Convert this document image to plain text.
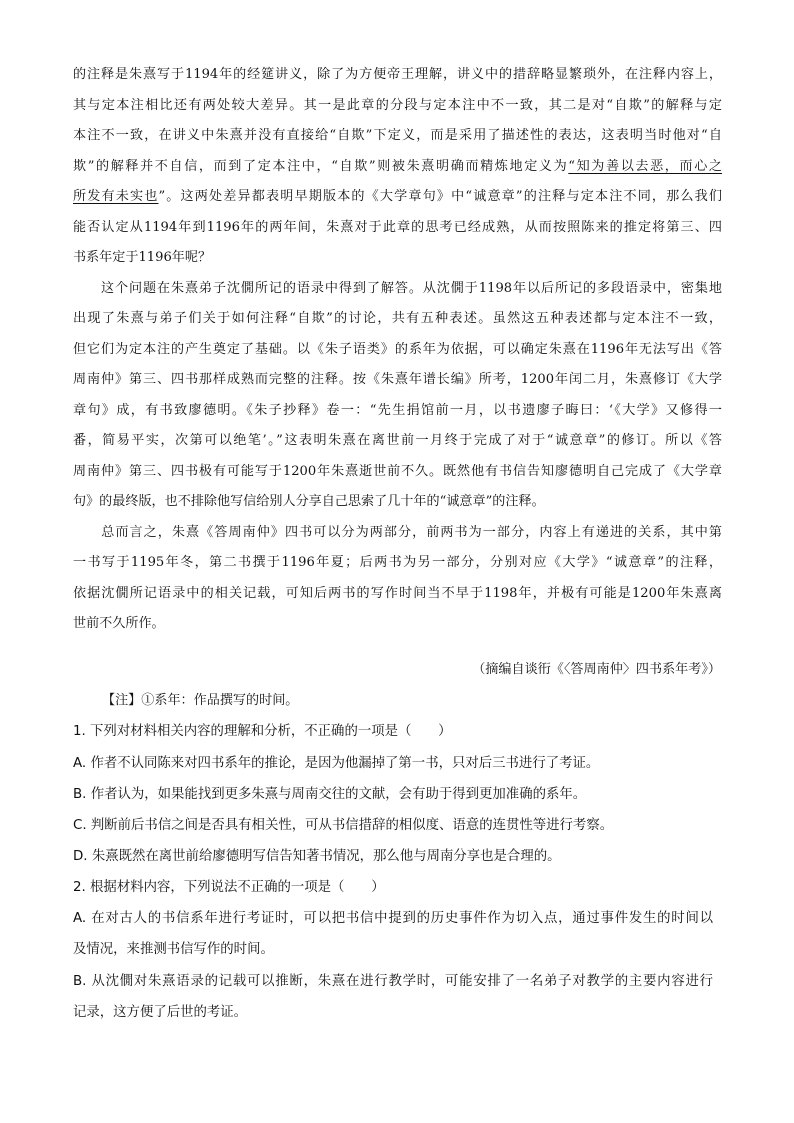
的注释是朱熹写于1194年的经筵讲义，除了为方便帝王理解，讲义中的措辞略显繁琐外，在注释内容上，

其与定本注相比还有两处较大差异。其一是此章的分段与定本注中不一致，其二是对“自欺”的解释与定

本注不一致，在讲义中朱熹并没有直接给“自欺”下定义，而是采用了描述性的表达，这表明当时他对“自

欺”的解释并不自信，而到了定本注中，“自欺”则被朱熹明确而精炼地定义为“知为善以去恶，而心之

所发有未实也”。这两处差异都表明早期版本的《大学章句》中“诚意章”的注释与定本注不同，那么我们

能否认定从1194年到1196年的两年间，朱熹对于此章的思考已经成熟，从而按照陈来的推定将第三、四

书系年定于1196年呢？

　　这个问题在朱熹弟子沈僩所记的语录中得到了解答。从沈僩于1198年以后所记的多段语录中，密集地

出现了朱熹与弟子们关于如何注释“自欺”的讨论，共有五种表述。虽然这五种表述都与定本注不一致，

但它们为定本注的产生奠定了基础。以《朱子语类》的系年为依据，可以确定朱熹在1196年无法写出《答

周南仲》第三、四书那样成熟而完整的注释。按《朱熹年谱长编》所考，1200年闰二月，朱熹修订《大学

章句》成，有书致廖德明。《朱子抄释》卷一：“先生捐馆前一月，以书遗廖子晦曰：‘《大学》又修得一

番，简易平实，次第可以绝笔’。”这表明朱熹在离世前一月终于完成了对于“诚意章”的修订。所以《答

周南仲》第三、四书极有可能写于1200年朱熹逝世前不久。既然他有书信告知廖德明自己完成了《大学章

句》的最终版，也不排除他写信给别人分享自己思索了几十年的“诚意章”的注释。

　　总而言之，朱熹《答周南仲》四书可以分为两部分，前两书为一部分，内容上有递进的关系，其中第

一书写于1195年冬，第二书撰于1196年夏；后两书为另一部分，分别对应《大学》“诚意章”的注释，

依据沈僩所记语录中的相关记载，可知后两书的写作时间当不早于1198年，并极有可能是1200年朱熹离

世前不久所作。

（摘编自谈衎《〈答周南仲〉四书系年考》）
【注】①系年：作品撰写的时间。
1. 下列对材料相关内容的理解和分析，不正确的一项是（　　）
A. 作者不认同陈来对四书系年的推论，是因为他漏掉了第一书，只对后三书进行了考证。
B. 作者认为，如果能找到更多朱熹与周南交往的文献，会有助于得到更加准确的系年。
C. 判断前后书信之间是否具有相关性，可从书信措辞的相似度、语意的连贯性等进行考察。
D. 朱熹既然在离世前给廖德明写信告知著书情况，那么他与周南分享也是合理的。
2. 根据材料内容，下列说法不正确的一项是（　　）
A. 在对古人的书信系年进行考证时，可以把书信中提到的历史事件作为切入点，通过事件发生的时间以
及情况，来推测书信写作的时间。
B. 从沈僩对朱熹语录的记载可以推断，朱熹在进行教学时，可能安排了一名弟子对教学的主要内容进行
记录，这方便了后世的考证。
